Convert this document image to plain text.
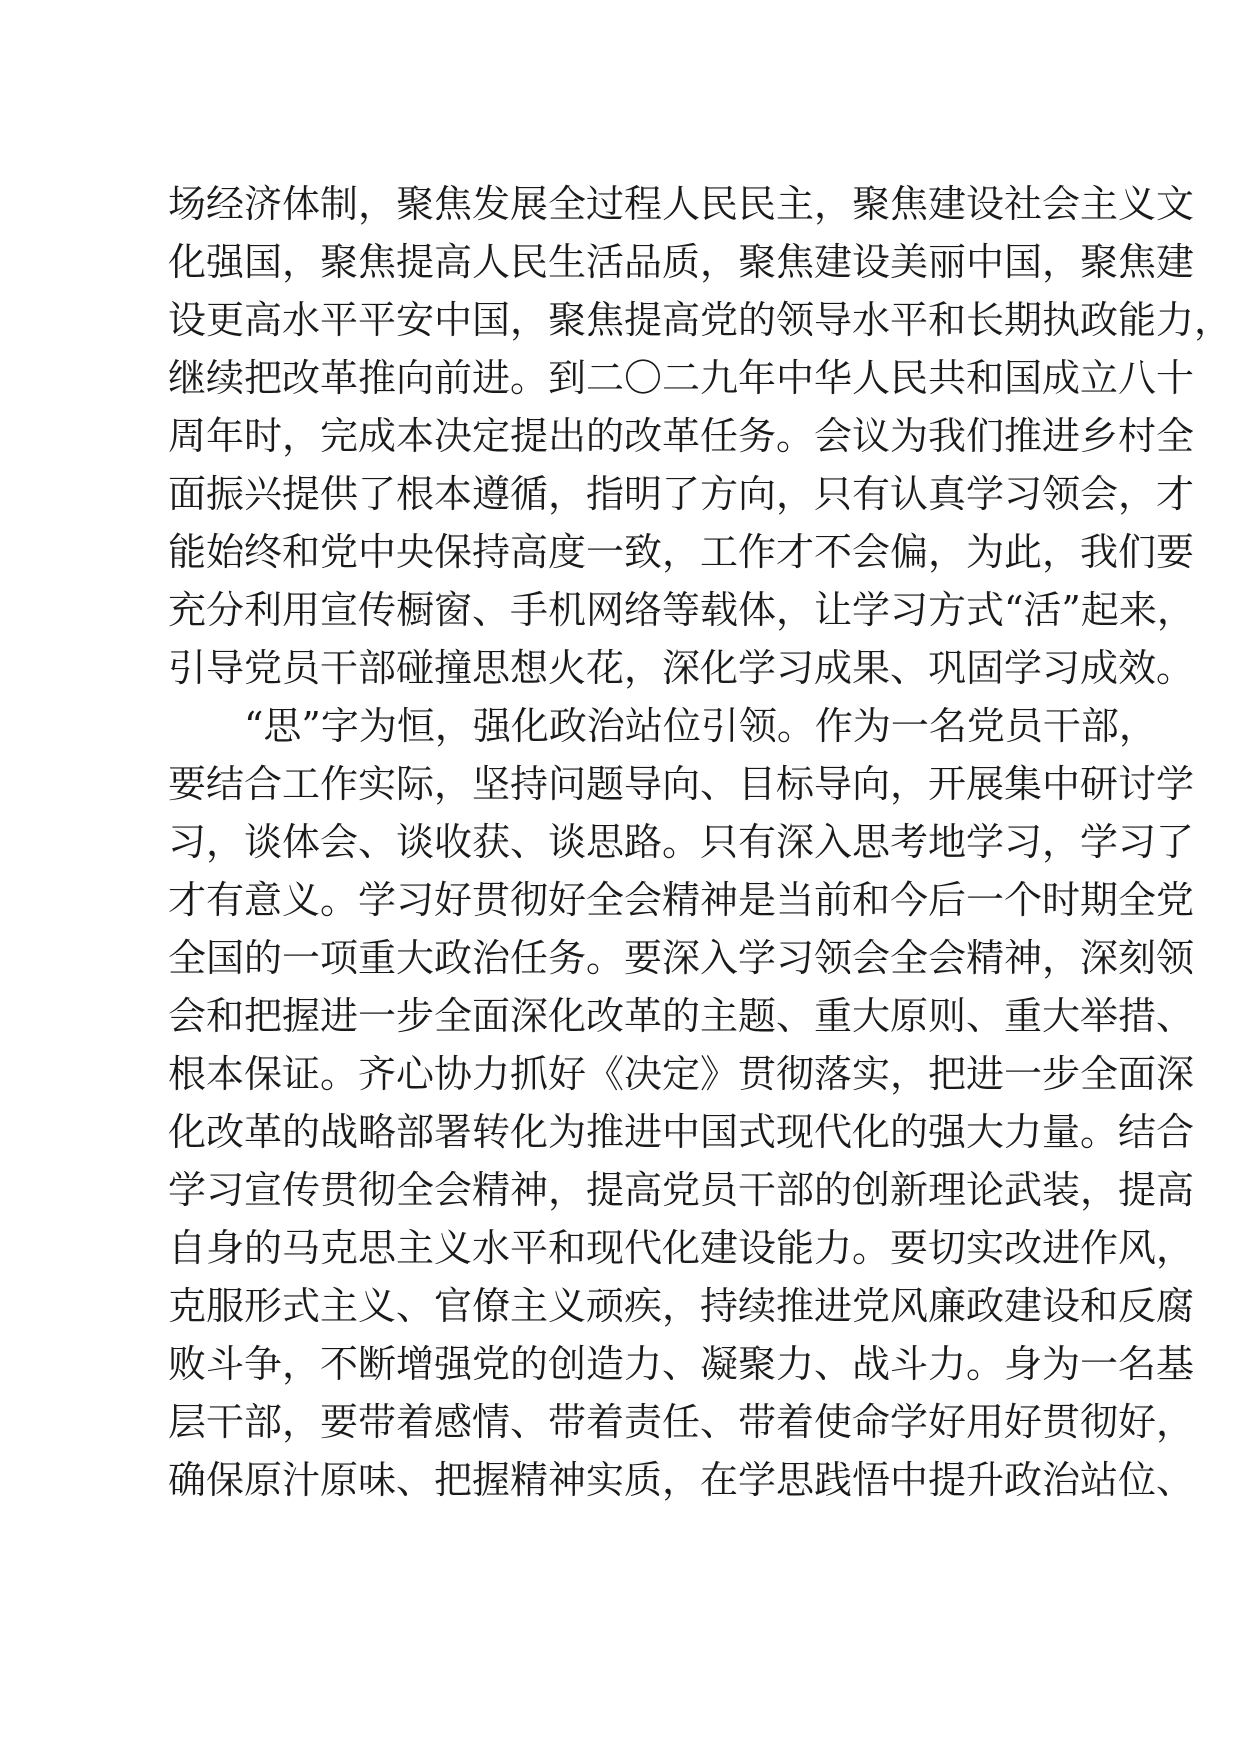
场经济体制，聚焦发展全过程人民民主，聚焦建设社会主义文
化强国，聚焦提高人民生活品质，聚焦建设美丽中国，聚焦建
设更高水平平安中国，聚焦提高党的领导水平和长期执政能力，
继续把改革推向前进。到二〇二九年中华人民共和国成立八十
周年时，完成本决定提出的改革任务。会议为我们推进乡村全
面振兴提供了根本遵循，指明了方向，只有认真学习领会，才
能始终和党中央保持高度一致，工作才不会偏，为此，我们要
充分利用宣传橱窗、手机网络等载体，让学习方式“活”起来，
引导党员干部碰撞思想火花，深化学习成果、巩固学习成效。
“思”字为恒，强化政治站位引领。作为一名党员干部，
要结合工作实际，坚持问题导向、目标导向，开展集中研讨学
习，谈体会、谈收获、谈思路。只有深入思考地学习，学习了
才有意义。学习好贯彻好全会精神是当前和今后一个时期全党
全国的一项重大政治任务。要深入学习领会全会精神，深刻领
会和把握进一步全面深化改革的主题、重大原则、重大举措、
根本保证。齐心协力抓好《决定》贯彻落实，把进一步全面深
化改革的战略部署转化为推进中国式现代化的强大力量。结合
学习宣传贯彻全会精神，提高党员干部的创新理论武装，提高
自身的马克思主义水平和现代化建设能力。要切实改进作风，
克服形式主义、官僚主义顽疾，持续推进党风廉政建设和反腐
败斗争，不断增强党的创造力、凝聚力、战斗力。身为一名基
层干部，要带着感情、带着责任、带着使命学好用好贯彻好，
确保原汁原味、把握精神实质，在学思践悟中提升政治站位、
